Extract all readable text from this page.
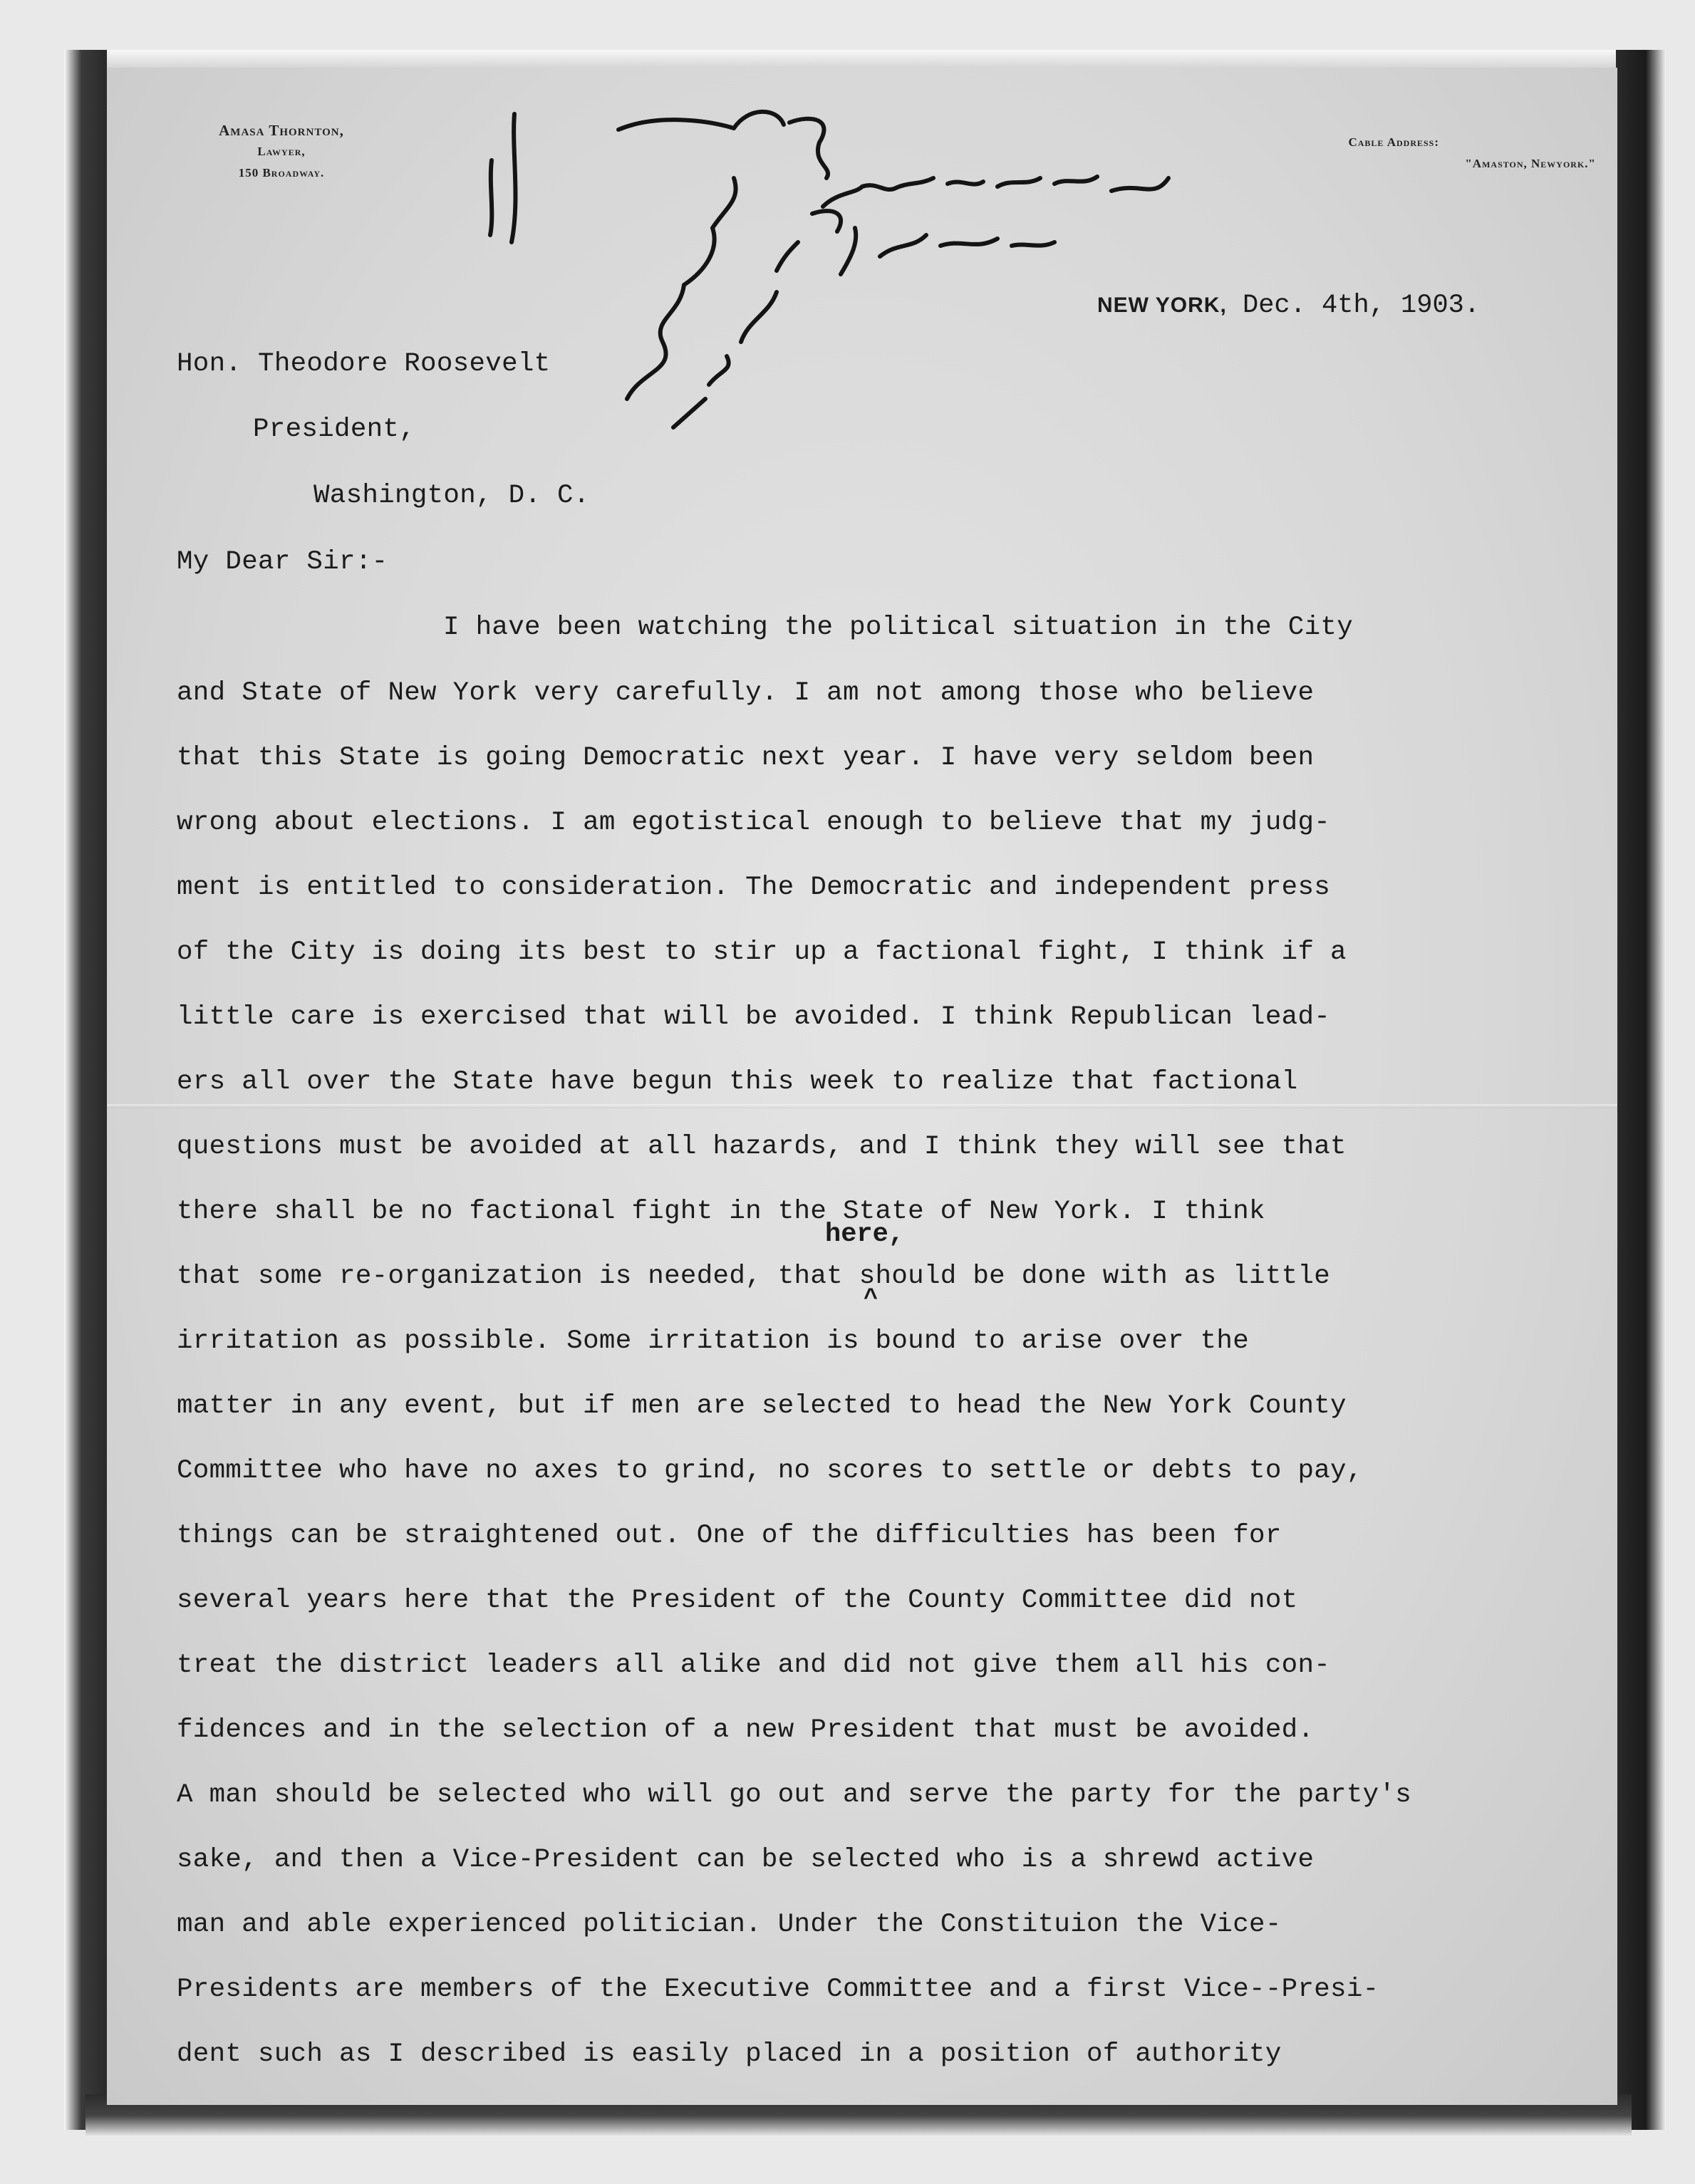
Amasa Thornton,
Lawyer,
150 Broadway.
Cable Address:
"Amaston, Newyork."
NEW YORK, Dec. 4th, 1903.
Hon. Theodore Roosevelt
President,
Washington, D. C.
My Dear Sir:-
I have been watching the political situation in the City
and State of New York very carefully. I am not among those who believe
that this State is going Democratic next year. I have very seldom been
wrong about elections. I am egotistical enough to believe that my judg-
ment is entitled to consideration. The Democratic and independent press
of the City is doing its best to stir up a factional fight, I think if a
little care is exercised that will be avoided. I think Republican lead-
ers all over the State have begun this week to realize that factional
questions must be avoided at all hazards, and I think they will see that
there shall be no factional fight in the State of New York. I think
here,
that some re-organization is needed, that should be done with as little
^
irritation as possible. Some irritation is bound to arise over the
matter in any event, but if men are selected to head the New York County
Committee who have no axes to grind, no scores to settle or debts to pay,
things can be straightened out. One of the difficulties has been for
several years here that the President of the County Committee did not
treat the district leaders all alike and did not give them all his con-
fidences and in the selection of a new President that must be avoided.
A man should be selected who will go out and serve the party for the party's
sake, and then a Vice-President can be selected who is a shrewd active
man and able experienced politician. Under the Constituion the Vice-
Presidents are members of the Executive Committee and a first Vice--Presi-
dent such as I described is easily placed in a position of authority
